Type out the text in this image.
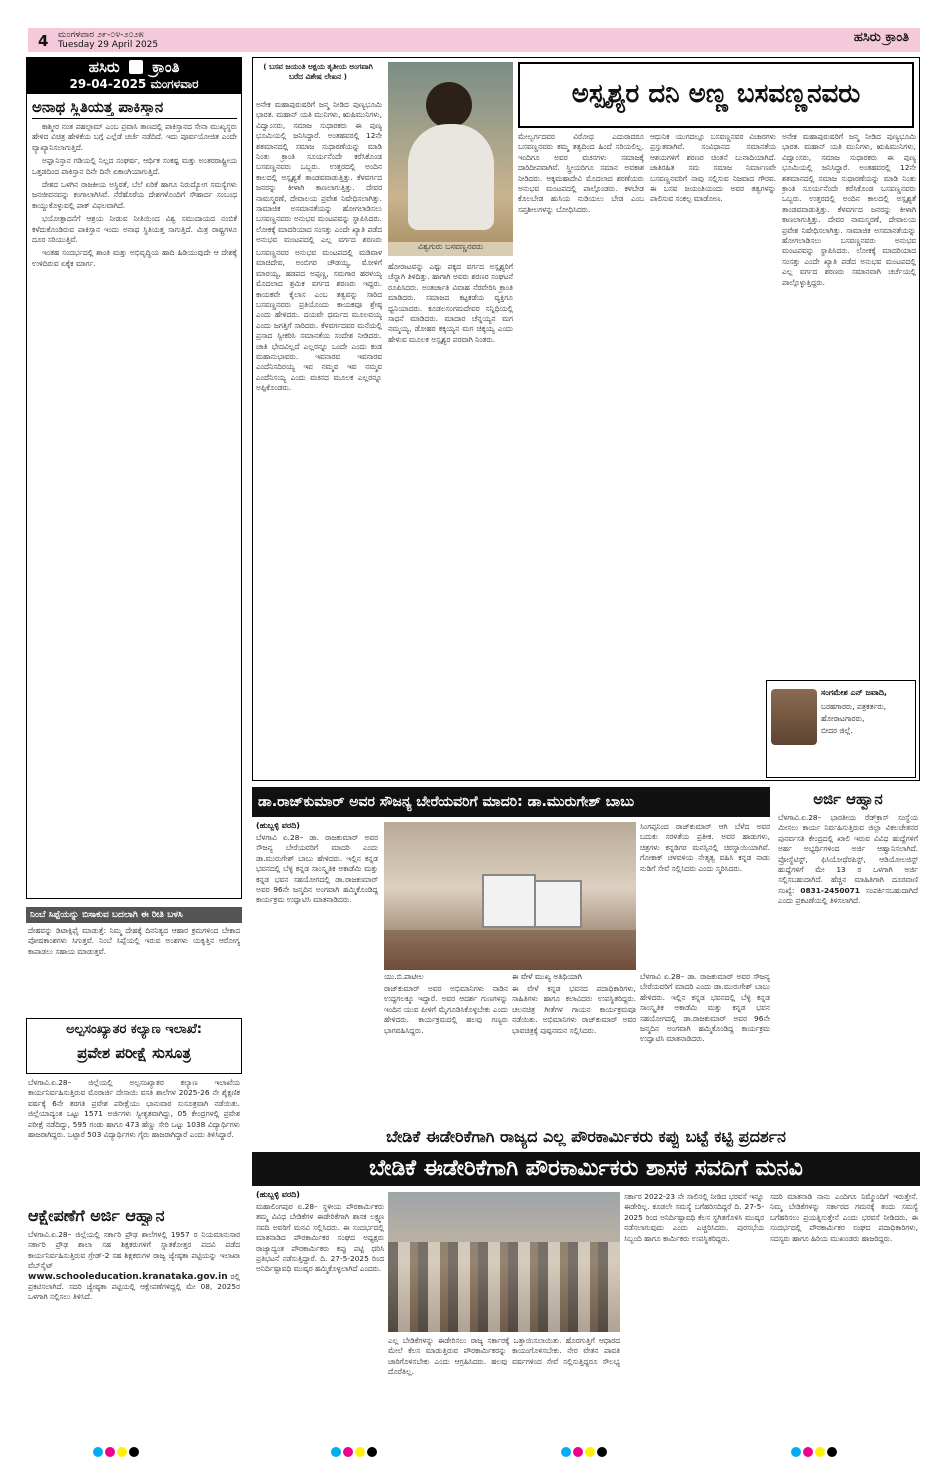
4 ಮಂಗಳವಾರ ೨೯-೦೪-೨೦೨೫
Tuesday 29 April 2025	ಹಸಿರು ಕ್ರಾಂತಿ
ಹಸಿರು ಕ್ರಾಂತಿ
29-04-2025 ಮಂಗಳವಾರ
ಅನಾಥ ಸ್ಥಿತಿಯತ್ತ ಪಾಕಿಸ್ತಾನ

ಕಾಶ್ಮೀರ ನಂತ ಪಹಲ್ಗಾಮ್ ಎಂಬ ಪ್ರವಾಸಿ ತಾಣದಲ್ಲಿ ಪಾಕಿಸ್ತಾನದ ಸೇನಾ ಮುಖ್ಯಸ್ಥರು ಹೇಳಿದ ವಿಚಿತ್ರ ಹೇಳಿಕೆಯ ಬಗ್ಗೆ ಎಲ್ಲೆಡೆ ಚರ್ಚೆ ನಡೆದಿದೆ. ಇದು ಪೂರ್ವಯೋಜಿತ ಎಂದೇ ವ್ಯಾಖ್ಯಾನಿಸಲಾಗುತ್ತಿದೆ.

ಅಫ್ಘಾನಿಸ್ತಾನ ಗಡಿಯಲ್ಲಿ ನಿಲ್ಲದ ಸಂಘರ್ಷ, ಆರ್ಥಿಕ ಸಂಕಷ್ಟ ಮತ್ತು ಅಂತರರಾಷ್ಟ್ರೀಯ ಒತ್ತಡದಿಂದ ಪಾಕಿಸ್ತಾನ ದಿನೇ ದಿನೇ ಏಕಾಂಗಿಯಾಗುತ್ತಿದೆ.

ದೇಶದ ಒಳಗಿನ ರಾಜಕೀಯ ಅಸ್ಥಿರತೆ, ಬೆಲೆ ಏರಿಕೆ ಹಾಗೂ ನಿರುದ್ಯೋಗ ಸಮಸ್ಯೆಗಳು ಜನಜೀವನವನ್ನು ಕಂಗಾಲಾಗಿಸಿವೆ. ನೆರೆಹೊರೆಯ ದೇಶಗಳೊಂದಿಗೆ ಸೌಹಾರ್ದ ಸಂಬಂಧ ಕಾಯ್ದುಕೊಳ್ಳುವಲ್ಲಿ ಪಾಕ್ ವಿಫಲವಾಗಿದೆ.

ಭಯೋತ್ಪಾದನೆಗೆ ಆಶ್ರಯ ನೀಡುವ ನೀತಿಯಿಂದ ವಿಶ್ವ ಸಮುದಾಯದ ನಂಬಿಕೆ ಕಳೆದುಕೊಂಡಿರುವ ಪಾಕಿಸ್ತಾನ ಇಂದು ಅನಾಥ ಸ್ಥಿತಿಯತ್ತ ಸಾಗುತ್ತಿದೆ. ಮಿತ್ರ ರಾಷ್ಟ್ರಗಳೂ ದೂರ ಸರಿಯುತ್ತಿವೆ.

ಇಂತಹ ಸಂದರ್ಭದಲ್ಲಿ ಶಾಂತಿ ಮತ್ತು ಅಭಿವೃದ್ಧಿಯ ಹಾದಿ ಹಿಡಿಯುವುದೇ ಆ ದೇಶಕ್ಕೆ ಉಳಿದಿರುವ ಏಕೈಕ ಮಾರ್ಗ.

ನಿಂಬೆ ಸಿಪ್ಪೆಯನ್ನು ಬಿಸಾಕುವ ಬದಲಾಗಿ ಈ ರೀತಿ ಬಳಸಿ
ದೇಹವನ್ನು ಡಿಟಾಕ್ಸಿಫೈ ಮಾಡುತ್ತೆ: ನಿಮ್ಮ ದೇಹಕ್ಕೆ ದಿನನಿತ್ಯದ ಆಹಾರ ಕ್ರಮಗಳಿಂದ ಬೇಕಾದ ಪೋಷಕಾಂಶಗಳು ಸಿಗುತ್ತವೆ. ನಿಂಬೆ ಸಿಪ್ಪೆಯಲ್ಲಿ ಇರುವ ಅಂಶಗಳು ಯಕೃತ್ತಿನ ಆರೋಗ್ಯ ಕಾಪಾಡಲು ಸಹಾಯ ಮಾಡುತ್ತವೆ.
ಅಲ್ಪಸಂಖ್ಯಾತರ ಕಲ್ಯಾಣ ಇಲಾಖೆ:
ಪ್ರವೇಶ ಪರೀಕ್ಷೆ ಸುಸೂತ್ರ
ಬೆಳಗಾವಿ.ಏ.28– ಜಿಲ್ಲೆಯಲ್ಲಿ ಅಲ್ಪಸಂಖ್ಯಾತರ ಕಲ್ಯಾಣ ಇಲಾಖೆಯ ಕಾರ್ಯನಿರ್ವಹಿಸುತ್ತಿರುವ ಮೊರಾರ್ಜಿ ದೇಸಾಯಿ ವಸತಿ ಶಾಲೆಗಳ 2025-26 ನೇ ಶೈಕ್ಷಣಿಕ ವರ್ಷಕ್ಕೆ 6ನೇ ತರಗತಿ ಪ್ರವೇಶ ಪರೀಕ್ಷೆಯು ಭಾನುವಾರ ಸುಸೂತ್ರವಾಗಿ ನಡೆಯಿತು. ಜಿಲ್ಲೆಯಾದ್ಯಂತ ಒಟ್ಟು 1571 ಅರ್ಜಿಗಳು ಸ್ವೀಕೃತವಾಗಿದ್ದು, 05 ಕೇಂದ್ರಗಳಲ್ಲಿ ಪ್ರವೇಶ ಪರೀಕ್ಷೆ ನಡೆದಿದ್ದು, 595 ಗಂಡು ಹಾಗೂ 473 ಹೆಣ್ಣು ಸೇರಿ ಒಟ್ಟು 1038 ವಿದ್ಯಾರ್ಥಿಗಳು ಹಾಜರಾಗಿದ್ದರು. ಒಟ್ಟಾರೆ 503 ವಿದ್ಯಾರ್ಥಿಗಳು ಗೈರು ಹಾಜರಾಗಿದ್ದಾರೆ ಎಂದು ತಿಳಿಸಿದ್ದಾರೆ.
ಆಕ್ಷೇಪಣೆಗೆ ಅರ್ಜಿ ಆಹ್ವಾನ
ಬೆಳಗಾವಿ.ಏ.28– ಜಿಲ್ಲೆಯಲ್ಲಿ ಸರ್ಕಾರಿ ಪ್ರೌಢ ಶಾಲೆಗಳಲ್ಲಿ 1957 ರ ನಿಯಮಾನುಸಾರ ಸರ್ಕಾರಿ ಪ್ರೌಢ ಶಾಲಾ ಸಹ ಶಿಕ್ಷಕರುಗಳಿಗೆ ಸ್ನಾತಕೋತ್ತರ ಪದವಿ ಪಡೆದ ಕಾರ್ಯನಿರ್ವಹಿಸುತ್ತಿರುವ ಗ್ರೇಡ್-2 ಸಹ ಶಿಕ್ಷಕರುಗಳ ರಾಜ್ಯ ಜ್ಯೇಷ್ಠತಾ ಪಟ್ಟಿಯನ್ನು ಇಲಾಖಾ ವೆಬ್‌ಸೈಟ್ www.schooleducation.kranataka.gov.in ರಲ್ಲಿ ಪ್ರಕಟಿಸಲಾಗಿದೆ. ಸದರಿ ಜ್ಯೇಷ್ಠತಾ ಪಟ್ಟಿಯಲ್ಲಿ ಆಕ್ಷೇಪಣೆಗಳಿದ್ದಲ್ಲಿ ಮೇ 08, 2025ರ ಒಳಗಾಗಿ ಸಲ್ಲಿಸಲು ತಿಳಿಸಿದೆ.
( ಬಸವ ಜಯಂತಿ ಅಕ್ಷಯ ತೃತೀಯ ಅಂಗವಾಗಿ ಬರೆದ ವಿಶೇಷ ಲೇಖನ )
ವಿಶ್ವಗುರು ಬಸವಣ್ಣನವರು
ಅಸ್ಪೃಶ್ಯರ ದನಿ ಅಣ್ಣ ಬಸವಣ್ಣನವರು
ಅನೇಕ ಮಹಾಪುರುಷರಿಗೆ ಜನ್ಮ ನೀಡಿದ ಪುಣ್ಯಭೂಮಿ ಭಾರತ. ಮಹಾನ್ ಯತಿ ಮುನಿಗಳು, ಋಷಿಮುನಿಗಳು, ವಿದ್ವಾಂಸರು, ಸಮಾಜ ಸುಧಾರಕರು ಈ ಪುಣ್ಯ ಭೂಮಿಯಲ್ಲಿ ಜನಿಸಿದ್ದಾರೆ. ಅಂತಹವರಲ್ಲಿ 12ನೇ ಶತಮಾನದಲ್ಲಿ ಸಮಾಜ ಸುಧಾರಣೆಯನ್ನು ಮಾಡಿ ನಿಂತು ಕ್ರಾಂತಿ ಸೂರ್ಯನೆಂದೇ ಕರೆಸಿಕೊಂಡ ಬಸವಣ್ಣನವರು ಒಬ್ಬರು. ಉತ್ತರದಲ್ಲಿ ಅಂದಿನ ಕಾಲದಲ್ಲಿ ಅಸ್ಪೃಶ್ಯತೆ ತಾಂಡವವಾಡುತ್ತಿತ್ತು. ಕೆಳವರ್ಗದ ಜನರನ್ನು ಕೀಳಾಗಿ ಕಾಣಲಾಗುತ್ತಿತ್ತು. ದೇವರ ನಾಮಸ್ಮರಣೆ, ದೇವಾಲಯ ಪ್ರವೇಶ ನಿಷೇಧಿಸಲಾಗಿತ್ತು. ಸಾಮಾಜಿಕ ಅಸಮಾನತೆಯನ್ನು ಹೋಗಲಾಡಿಸಲು ಬಸವಣ್ಣನವರು ಅನುಭವ ಮಂಟಪವನ್ನು ಸ್ಥಾಪಿಸಿದರು. ಲೋಕಕ್ಕೆ ಮಾದರಿಯಾದ ಸಂಸತ್ತು ಎಂದೇ ಖ್ಯಾತಿ ಪಡೆದ ಅನುಭವ ಮಂಟಪದಲ್ಲಿ ಎಲ್ಲ ವರ್ಗದ ಶರಣರು
ಬಸವಣ್ಣನವರ ಅನುಭವ ಮಂಟಪದಲ್ಲಿ ಮಡಿವಾಳ ಮಾಚಿದೇವ, ಅಂಬಿಗರ ಚೌಡಯ್ಯ, ಮೋಳಿಗೆ ಮಾರಯ್ಯ, ಹಡಪದ ಅಪ್ಪಣ್ಣ, ಸಮಗಾರ ಹರಳಯ್ಯ ಮೊದಲಾದ ಶ್ರಮಿಕ ವರ್ಗದ ಶರಣರು ಇದ್ದರು. ಕಾಯಕವೇ ಕೈಲಾಸ ಎಂಬ ತತ್ವವನ್ನು ಸಾರಿದ ಬಸವಣ್ಣನವರು ಪ್ರತಿಯೊಂದು ಕಾಯಕವೂ ಶ್ರೇಷ್ಠ ಎಂದು ಹೇಳಿದರು. ದಯವೇ ಧರ್ಮದ ಮೂಲವಯ್ಯ ಎಂದು ಜಗತ್ತಿಗೆ ಸಾರಿದರು. ಕೆಳವರ್ಗದವರ ಮನೆಯಲ್ಲಿ ಪ್ರಸಾದ ಸ್ವೀಕರಿಸಿ ಸಮಾನತೆಯ ಸಂದೇಶ ನೀಡಿದರು. ಜಾತಿ ಭೇದವಿಲ್ಲದೆ ಎಲ್ಲರನ್ನೂ ಒಂದೇ ಎಂದು ಕಂಡ ಮಹಾನುಭಾವರು. ಇವನಾರವ ಇವನಾರವ ಎಂದೆನಿಸದಿರಯ್ಯ ಇವ ನಮ್ಮವ ಇವ ನಮ್ಮವ ಎಂದೆನಿಸಯ್ಯ ಎಂದು ವಚನದ ಮೂಲಕ ಎಲ್ಲರನ್ನೂ ಅಪ್ಪಿಕೊಂಡರು.
ಹೋರಾಟವನ್ನು ಎಷ್ಟು ಪಕ್ಕದ ವರ್ಗದ ಅಸ್ಪೃಶ್ಯರಿಗೆ ಚೆನ್ನಾಗಿ ತಿಳಿದಿತ್ತು. ಹಾಗಾಗಿ ಅವರು ಶರಣರ ಸಂಘಟನೆ ರೂಪಿಸಿದರು. ಅಂತರ್ಜಾತಿ ವಿವಾಹ ನೆರವೇರಿಸಿ ಕ್ರಾಂತಿ ಮಾಡಿದರು. ಸಮಾಜದ ಕಟ್ಟಕಡೆಯ ವ್ಯಕ್ತಿಗೂ ಧ್ವನಿಯಾದರು. ಕೂಡಲಸಂಗಮದೇವರ ಸನ್ನಿಧಿಯಲ್ಲಿ ಸಾಧನೆ ಮಾಡಿದರು. ಮಾದಾರ ಚೆನ್ನಯ್ಯನ ಮಗ ನಮ್ಮಯ್ಯ, ಡೋಹರ ಕಕ್ಕಯ್ಯನ ಮಗ ಚಿಕ್ಕಯ್ಯ ಎಂದು ಹೇಳುವ ಮೂಲಕ ಅಸ್ಪೃಶ್ಯರ ಪರವಾಗಿ ನಿಂತರು.
ಮೇಲ್ವರ್ಗದವರ ವಿರೋಧ ಎದುರಾದರೂ ಬಸವಣ್ಣನವರು ತಮ್ಮ ತತ್ವದಿಂದ ಹಿಂದೆ ಸರಿಯಲಿಲ್ಲ. ಇಂದಿಗೂ ಅವರ ವಚನಗಳು ಸಮಾಜಕ್ಕೆ ದಾರಿದೀಪವಾಗಿವೆ. ಸ್ತ್ರೀಯರಿಗೂ ಸಮಾನ ಅವಕಾಶ ನೀಡಿದರು. ಅಕ್ಕಮಹಾದೇವಿ ಮೊದಲಾದ ಶರಣೆಯರು ಅನುಭವ ಮಂಟಪದಲ್ಲಿ ಪಾಲ್ಗೊಂಡರು. ಕಳಬೇಡ ಕೊಲಬೇಡ ಹುಸಿಯ ನುಡಿಯಲು ಬೇಡ ಎಂಬ ಸಪ್ತಶೀಲಗಳನ್ನು ಬೋಧಿಸಿದರು.
ಆಧುನಿಕ ಯುಗದಲ್ಲೂ ಬಸವಣ್ಣನವರ ವಿಚಾರಗಳು ಪ್ರಸ್ತುತವಾಗಿವೆ. ಸಂವಿಧಾನದ ಸಮಾನತೆಯ ಆಶಯಗಳಿಗೆ ಶರಣರ ಚಿಂತನೆ ಬುನಾದಿಯಾಗಿದೆ. ಜಾತಿರಹಿತ ಸಮ ಸಮಾಜ ನಿರ್ಮಾಣವೇ ಬಸವಣ್ಣನವರಿಗೆ ನಾವು ಸಲ್ಲಿಸುವ ನಿಜವಾದ ಗೌರವ. ಈ ಬಸವ ಜಯಂತಿಯಂದು ಅವರ ತತ್ವಗಳನ್ನು ಪಾಲಿಸುವ ಸಂಕಲ್ಪ ಮಾಡೋಣ.
ಅನೇಕ ಮಹಾಪುರುಷರಿಗೆ ಜನ್ಮ ನೀಡಿದ ಪುಣ್ಯಭೂಮಿ ಭಾರತ. ಮಹಾನ್ ಯತಿ ಮುನಿಗಳು, ಋಷಿಮುನಿಗಳು, ವಿದ್ವಾಂಸರು, ಸಮಾಜ ಸುಧಾರಕರು ಈ ಪುಣ್ಯ ಭೂಮಿಯಲ್ಲಿ ಜನಿಸಿದ್ದಾರೆ. ಅಂತಹವರಲ್ಲಿ 12ನೇ ಶತಮಾನದಲ್ಲಿ ಸಮಾಜ ಸುಧಾರಣೆಯನ್ನು ಮಾಡಿ ನಿಂತು ಕ್ರಾಂತಿ ಸೂರ್ಯನೆಂದೇ ಕರೆಸಿಕೊಂಡ ಬಸವಣ್ಣನವರು ಒಬ್ಬರು. ಉತ್ತರದಲ್ಲಿ ಅಂದಿನ ಕಾಲದಲ್ಲಿ ಅಸ್ಪೃಶ್ಯತೆ ತಾಂಡವವಾಡುತ್ತಿತ್ತು. ಕೆಳವರ್ಗದ ಜನರನ್ನು ಕೀಳಾಗಿ ಕಾಣಲಾಗುತ್ತಿತ್ತು. ದೇವರ ನಾಮಸ್ಮರಣೆ, ದೇವಾಲಯ ಪ್ರವೇಶ ನಿಷೇಧಿಸಲಾಗಿತ್ತು. ಸಾಮಾಜಿಕ ಅಸಮಾನತೆಯನ್ನು ಹೋಗಲಾಡಿಸಲು ಬಸವಣ್ಣನವರು ಅನುಭವ ಮಂಟಪವನ್ನು ಸ್ಥಾಪಿಸಿದರು. ಲೋಕಕ್ಕೆ ಮಾದರಿಯಾದ ಸಂಸತ್ತು ಎಂದೇ ಖ್ಯಾತಿ ಪಡೆದ ಅನುಭವ ಮಂಟಪದಲ್ಲಿ ಎಲ್ಲ ವರ್ಗದ ಶರಣರು ಸಮಾನವಾಗಿ ಚರ್ಚೆಯಲ್ಲಿ ಪಾಲ್ಗೊಳ್ಳುತ್ತಿದ್ದರು.
ಸಂಗಮೇಶ ಎನ್ ಜವಾದಿ,
ಬರಹಗಾರರು, ಪತ್ರಕರ್ತರು,
ಹೋರಾಟಗಾರರು,
ಬೀದರ ಜಿಲ್ಲೆ.
ಡಾ.ರಾಜ್‌ಕುಮಾರ್ ಅವರ ಸೌಜನ್ಯ ಬೇರೆಯವರಿಗೆ ಮಾದರಿ: ಡಾ.ಮುರುಗೇಶ್ ಬಾಬು
(ಹುಬ್ಬಳ್ಳಿ ವರದಿ)
ಬೆಳಗಾವಿ ಏ.28– ಡಾ. ರಾಜಕುಮಾರ್ ಅವರ ಸೌಜನ್ಯ ಬೇರೆಯವರಿಗೆ ಮಾದರಿ ಎಂದು ಡಾ.ಮುರುಗೇಶ್ ಬಾಬು ಹೇಳಿದರು. ಇಲ್ಲಿನ ಕನ್ನಡ ಭವನದಲ್ಲಿ ಬೆಳ್ಳಿ ಕನ್ನಡ ಸಾಂಸ್ಕೃತಿಕ ಅಕಾಡೆಮಿ ಮತ್ತು ಕನ್ನಡ ಭವನ ಸಹಯೋಗದಲ್ಲಿ ಡಾ.ರಾಜಕುಮಾರ್ ಅವರ 96ನೇ ಜನ್ಮದಿನ ಅಂಗವಾಗಿ ಹಮ್ಮಿಕೊಂಡಿದ್ದ ಕಾರ್ಯಕ್ರಮ ಉದ್ಘಾಟಿಸಿ ಮಾತನಾಡಿದರು.
ಸಿಂಗಪ್ಪನಿಂದ ರಾಜ್‌ಕುಮಾರ್ ಆಗಿ ಬೆಳೆದ ಅವರ ಬದುಕು ಸರಳತೆಯ ಪ್ರತೀಕ. ಅವರ ಹಾಡುಗಳು, ಚಿತ್ರಗಳು ಕನ್ನಡಿಗರ ಮನಸ್ಸಿನಲ್ಲಿ ಚಿರಸ್ಥಾಯಿಯಾಗಿವೆ. ಗೋಕಾಕ್ ಚಳವಳಿಯ ನೇತೃತ್ವ ವಹಿಸಿ ಕನ್ನಡ ನಾಡು ನುಡಿಗೆ ಸೇವೆ ಸಲ್ಲಿಸಿದರು ಎಂದು ಸ್ಮರಿಸಿದರು.
ಯು.ಬಿ.ಪಾಟೀಲ	ಈ ವೇಳೆ ಮುಖ್ಯ ಅತಿಥಿಯಾಗಿ
ರಾಜ್‌ಕುಮಾರ್ ಅವರ ಅಭಿಮಾನಿಗಳು ನಾಡಿನ ಉದ್ದಗಲಕ್ಕೂ ಇದ್ದಾರೆ. ಅವರ ಆದರ್ಶ ಗುಣಗಳನ್ನು ಇಂದಿನ ಯುವ ಪೀಳಿಗೆ ಮೈಗೂಡಿಸಿಕೊಳ್ಳಬೇಕು ಎಂದು ಹೇಳಿದರು. ಕಾರ್ಯಕ್ರಮದಲ್ಲಿ ಹಲವು ಗಣ್ಯರು ಭಾಗವಹಿಸಿದ್ದರು.
ಈ ವೇಳೆ ಕನ್ನಡ ಭವನದ ಪದಾಧಿಕಾರಿಗಳು, ಸಾಹಿತಿಗಳು ಹಾಗೂ ಕಲಾವಿದರು ಉಪಸ್ಥಿತರಿದ್ದರು. ಚಲನಚಿತ್ರ ಗೀತೆಗಳ ಗಾಯನ ಕಾರ್ಯಕ್ರಮವೂ ನಡೆಯಿತು. ಅಭಿಮಾನಿಗಳು ರಾಜ್‌ಕುಮಾರ್ ಅವರ ಭಾವಚಿತ್ರಕ್ಕೆ ಪುಷ್ಪನಮನ ಸಲ್ಲಿಸಿದರು.
ಬೆಳಗಾವಿ ಏ.28– ಡಾ. ರಾಜಕುಮಾರ್ ಅವರ ಸೌಜನ್ಯ ಬೇರೆಯವರಿಗೆ ಮಾದರಿ ಎಂದು ಡಾ.ಮುರುಗೇಶ್ ಬಾಬು ಹೇಳಿದರು. ಇಲ್ಲಿನ ಕನ್ನಡ ಭವನದಲ್ಲಿ ಬೆಳ್ಳಿ ಕನ್ನಡ ಸಾಂಸ್ಕೃತಿಕ ಅಕಾಡೆಮಿ ಮತ್ತು ಕನ್ನಡ ಭವನ ಸಹಯೋಗದಲ್ಲಿ ಡಾ.ರಾಜಕುಮಾರ್ ಅವರ 96ನೇ ಜನ್ಮದಿನ ಅಂಗವಾಗಿ ಹಮ್ಮಿಕೊಂಡಿದ್ದ ಕಾರ್ಯಕ್ರಮ ಉದ್ಘಾಟಿಸಿ ಮಾತನಾಡಿದರು.
ಅರ್ಜಿ ಆಹ್ವಾನ
ಬೆಳಗಾವಿ.ಏ.28– ಭಾರತೀಯ ರೆಡ್‌ಕ್ರಾಸ್ ಸಂಸ್ಥೆಯ ಮೀಸಲು ಕಾರ್ಯ ನಿರ್ವಹಿಸುತ್ತಿರುವ ಜಿಲ್ಲಾ ವಿಕಲಚೇತನರ ಪುನರ್ವಸತಿ ಕೇಂದ್ರದಲ್ಲಿ ಖಾಲಿ ಇರುವ ವಿವಿಧ ಹುದ್ದೆಗಳಿಗೆ ಅರ್ಹ ಅಭ್ಯರ್ಥಿಗಳಿಂದ ಅರ್ಜಿ ಆಹ್ವಾನಿಸಲಾಗಿದೆ. ಪ್ರೋಸ್ಥೆಟಿಸ್ಟ್, ಫಿಸಿಯೋಥೆರಪಿಸ್ಟ್, ಆಡಿಯೋಲಜಿಸ್ಟ್ ಹುದ್ದೆಗಳಿಗೆ ಮೇ 13 ರ ಒಳಗಾಗಿ ಅರ್ಜಿ ಸಲ್ಲಿಸಬಹುದಾಗಿದೆ. ಹೆಚ್ಚಿನ ಮಾಹಿತಿಗಾಗಿ ದೂರವಾಣಿ ಸಂಖ್ಯೆ: 0831-2450071 ಸಂಪರ್ಕಿಸಬಹುದಾಗಿದೆ ಎಂದು ಪ್ರಕಟಣೆಯಲ್ಲಿ ತಿಳಿಸಲಾಗಿದೆ.
ಬೇಡಿಕೆ ಈಡೇರಿಕೆಗಾಗಿ ರಾಜ್ಯದ ಎಲ್ಲ ಪೌರಕಾರ್ಮಿಕರು ಕಪ್ಪು ಬಟ್ಟೆ ಕಟ್ಟಿ ಪ್ರದರ್ಶನ
ಬೇಡಿಕೆ ಈಡೇರಿಕೆಗಾಗಿ ಪೌರಕಾರ್ಮಿಕರು ಶಾಸಕ ಸವದಿಗೆ ಮನವಿ
(ಹುಬ್ಬಳ್ಳಿ ವರದಿ)
ಮಹಾಲಿಂಗಪುರ ಏ.28– ಸ್ಥಳೀಯ ಪೌರಕಾರ್ಮಿಕರು ತಮ್ಮ ವಿವಿಧ ಬೇಡಿಕೆಗಳ ಈಡೇರಿಕೆಗಾಗಿ ಶಾಸಕ ಲಕ್ಷ್ಮಣ ಸವದಿ ಅವರಿಗೆ ಮನವಿ ಸಲ್ಲಿಸಿದರು. ಈ ಸಂದರ್ಭದಲ್ಲಿ ಮಾತನಾಡಿದ ಪೌರಕಾರ್ಮಿಕರ ಸಂಘದ ಅಧ್ಯಕ್ಷರು ರಾಜ್ಯಾದ್ಯಂತ ಪೌರಕಾರ್ಮಿಕರು ಕಪ್ಪು ಪಟ್ಟಿ ಧರಿಸಿ ಪ್ರತಿಭಟನೆ ನಡೆಸುತ್ತಿದ್ದಾರೆ. ದಿ. 27-5-2025 ರಿಂದ ಅನಿರ್ದಿಷ್ಟಾವಧಿ ಮುಷ್ಕರ ಹಮ್ಮಿಕೊಳ್ಳಲಾಗಿದೆ ಎಂದರು.
ಎಲ್ಲ ಬೇಡಿಕೆಗಳನ್ನು ಈಡೇರಿಸಲು ರಾಜ್ಯ ಸರ್ಕಾರಕ್ಕೆ ಒತ್ತಾಯಿಸಲಾಯಿತು. ಹೊರಗುತ್ತಿಗೆ ಆಧಾರದ ಮೇಲೆ ಕೆಲಸ ಮಾಡುತ್ತಿರುವ ಪೌರಕಾರ್ಮಿಕರನ್ನು ಕಾಯಂಗೊಳಿಸಬೇಕು. ನೇರ ವೇತನ ಪಾವತಿ ಜಾರಿಗೊಳಿಸಬೇಕು ಎಂದು ಆಗ್ರಹಿಸಿದರು. ಹಲವು ವರ್ಷಗಳಿಂದ ಸೇವೆ ಸಲ್ಲಿಸುತ್ತಿದ್ದರೂ ಸೌಲಭ್ಯ ದೊರೆತಿಲ್ಲ.
ಸರ್ಕಾರ 2022-23 ನೇ ಸಾಲಿನಲ್ಲಿ ನೀಡಿದ ಭರವಸೆ ಇನ್ನೂ ಈಡೇರಿಲ್ಲ. ಕೂಡಲೇ ಸಮಸ್ಯೆ ಬಗೆಹರಿಸದಿದ್ದರೆ ದಿ. 27-5-2025 ರಿಂದ ಅನಿರ್ದಿಷ್ಟಾವಧಿ ಕೆಲಸ ಸ್ಥಗಿತಗೊಳಿಸಿ ಮುಷ್ಕರ ನಡೆಸಲಾಗುವುದು ಎಂದು ಎಚ್ಚರಿಸಿದರು. ಪುರಸಭೆಯ ಸಿಬ್ಬಂದಿ ಹಾಗೂ ಕಾರ್ಮಿಕರು ಉಪಸ್ಥಿತರಿದ್ದರು.
ಸದರಿ ಮಾತನಾಡಿ ನಾನು ಎಂದಿಗೂ ನಿಮ್ಮೊಂದಿಗೆ ಇರುತ್ತೇನೆ. ನಿಮ್ಮ ಬೇಡಿಕೆಗಳನ್ನು ಸರ್ಕಾರದ ಗಮನಕ್ಕೆ ತಂದು ಸಮಸ್ಯೆ ಬಗೆಹರಿಸಲು ಪ್ರಯತ್ನಿಸುತ್ತೇನೆ ಎಂದು ಭರವಸೆ ನೀಡಿದರು. ಈ ಸಂದರ್ಭದಲ್ಲಿ ಪೌರಕಾರ್ಮಿಕರ ಸಂಘದ ಪದಾಧಿಕಾರಿಗಳು, ಸದಸ್ಯರು ಹಾಗೂ ಹಿರಿಯ ಮುಖಂಡರು ಹಾಜರಿದ್ದರು.
